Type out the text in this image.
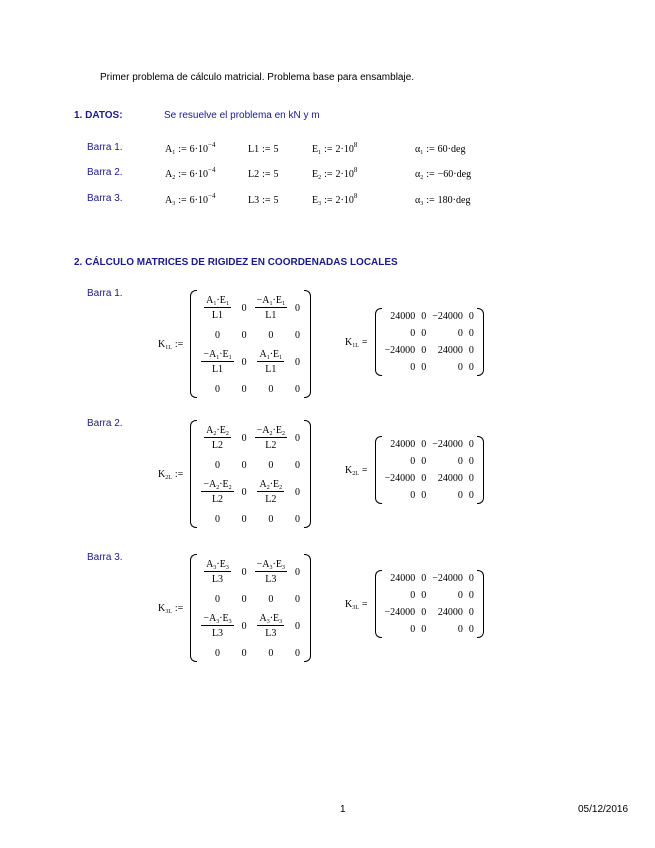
Primer problema de cálculo matricial. Problema base para ensamblaje.
1. DATOS:	Se resuelve el problema en kN y m
Barra 1.	$A_1$ := $6\cdot 10^{-4}$	L1 := 5	$E_1$ := $2\cdot 10^8$	$\alpha_1$ := 60·deg
Barra 2.	$A_2$ := $6\cdot 10^{-4}$	L2 := 5	$E_2$ := $2\cdot 10^8$	$\alpha_2$ := −60·deg
Barra 3.	$A_3$ := $6\cdot 10^{-4}$	L3 := 5	$E_3$ := $2\cdot 10^8$	$\alpha_3$ := 180·deg
2. CÁLCULO MATRICES DE RIGIDEZ EN COORDENADAS LOCALES
Barra 1.
$K_{1L}$ :=
$\frac{A_1\cdot E_1}{L1}$	0	$\frac{-A_1\cdot E_1}{L1}$	0
0	0	0	0

$\frac{-A_1\cdot E_1}{L1}$	0	$\frac{A_1\cdot E_1}{L1}$	0
0	0	0	0
$K_{1L}$ =
24000	0	−24000	0
0	0	0	0
−24000	0	24000	0
0	0	0	0
Barra 2.
$K_{2L}$ :=
$\frac{A_2\cdot E_2}{L2}$	0	$\frac{-A_2\cdot E_2}{L2}$	0
0	0	0	0

$\frac{-A_2\cdot E_2}{L2}$	0	$\frac{A_2\cdot E_2}{L2}$	0
0	0	0	0
$K_{2L}$ =
24000	0	−24000	0
0	0	0	0
−24000	0	24000	0
0	0	0	0
Barra 3.
$K_{3L}$ :=
$\frac{A_3\cdot E_3}{L3}$	0	$\frac{-A_3\cdot E_3}{L3}$	0
0	0	0	0

$\frac{-A_3\cdot E_3}{L3}$	0	$\frac{A_3\cdot E_3}{L3}$	0
0	0	0	0
$K_{3L}$ =
24000	0	−24000	0
0	0	0	0
−24000	0	24000	0
0	0	0	0
1	05/12/2016
